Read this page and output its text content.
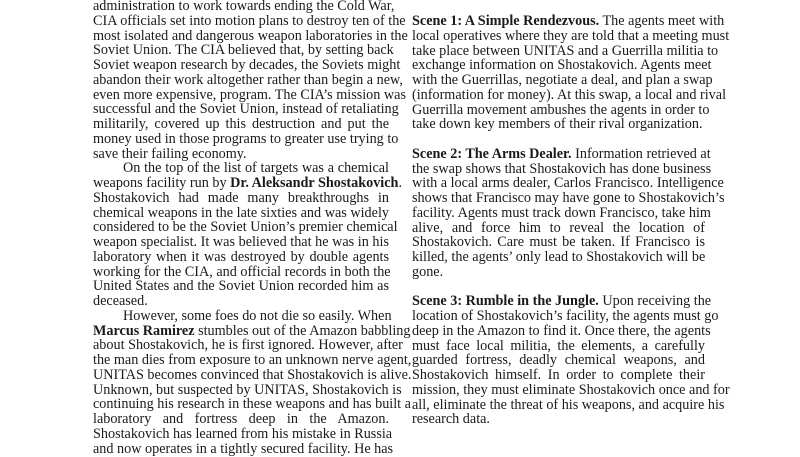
administration to work towards ending the Cold War,
CIA officials set into motion plans to destroy ten of the
most isolated and dangerous weapon laboratories in the
Soviet Union. The CIA believed that, by setting back
Soviet weapon research by decades, the Soviets might
abandon their work altogether rather than begin a new,
even more expensive, program. The CIA’s mission was
successful and the Soviet Union, instead of retaliating
militarily, covered up this destruction and put the
money used in those programs to greater use trying to
save their failing economy.
On the top of the list of targets was a chemical
weapons facility run by Dr. Aleksandr Shostakovich.
Shostakovich had made many breakthroughs in
chemical weapons in the late sixties and was widely
considered to be the Soviet Union’s premier chemical
weapon specialist. It was believed that he was in his
laboratory when it was destroyed by double agents
working for the CIA, and official records in both the
United States and the Soviet Union recorded him as
deceased.
However, some foes do not die so easily. When
Marcus Ramirez stumbles out of the Amazon babbling
about Shostakovich, he is first ignored. However, after
the man dies from exposure to an unknown nerve agent,
UNITAS becomes convinced that Shostakovich is alive.
Unknown, but suspected by UNITAS, Shostakovich is
continuing his research in these weapons and has built a
laboratory and fortress deep in the Amazon.
Shostakovich has learned from his mistake in Russia
and now operates in a tightly secured facility. He has
Scene 1: A Simple Rendezvous. The agents meet with
local operatives where they are told that a meeting must
take place between UNITAS and a Guerrilla militia to
exchange information on Shostakovich. Agents meet
with the Guerrillas, negotiate a deal, and plan a swap
(information for money). At this swap, a local and rival
Guerrilla movement ambushes the agents in order to
take down key members of their rival organization.
Scene 2: The Arms Dealer. Information retrieved at
the swap shows that Shostakovich has done business
with a local arms dealer, Carlos Francisco. Intelligence
shows that Francisco may have gone to Shostakovich’s
facility. Agents must track down Francisco, take him
alive, and force him to reveal the location of
Shostakovich. Care must be taken. If Francisco is
killed, the agents’ only lead to Shostakovich will be
gone.
Scene 3: Rumble in the Jungle. Upon receiving the
location of Shostakovich’s facility, the agents must go
deep in the Amazon to find it. Once there, the agents
must face local militia, the elements, a carefully
guarded fortress, deadly chemical weapons, and
Shostakovich himself. In order to complete their
mission, they must eliminate Shostakovich once and for
all, eliminate the threat of his weapons, and acquire his
research data.
